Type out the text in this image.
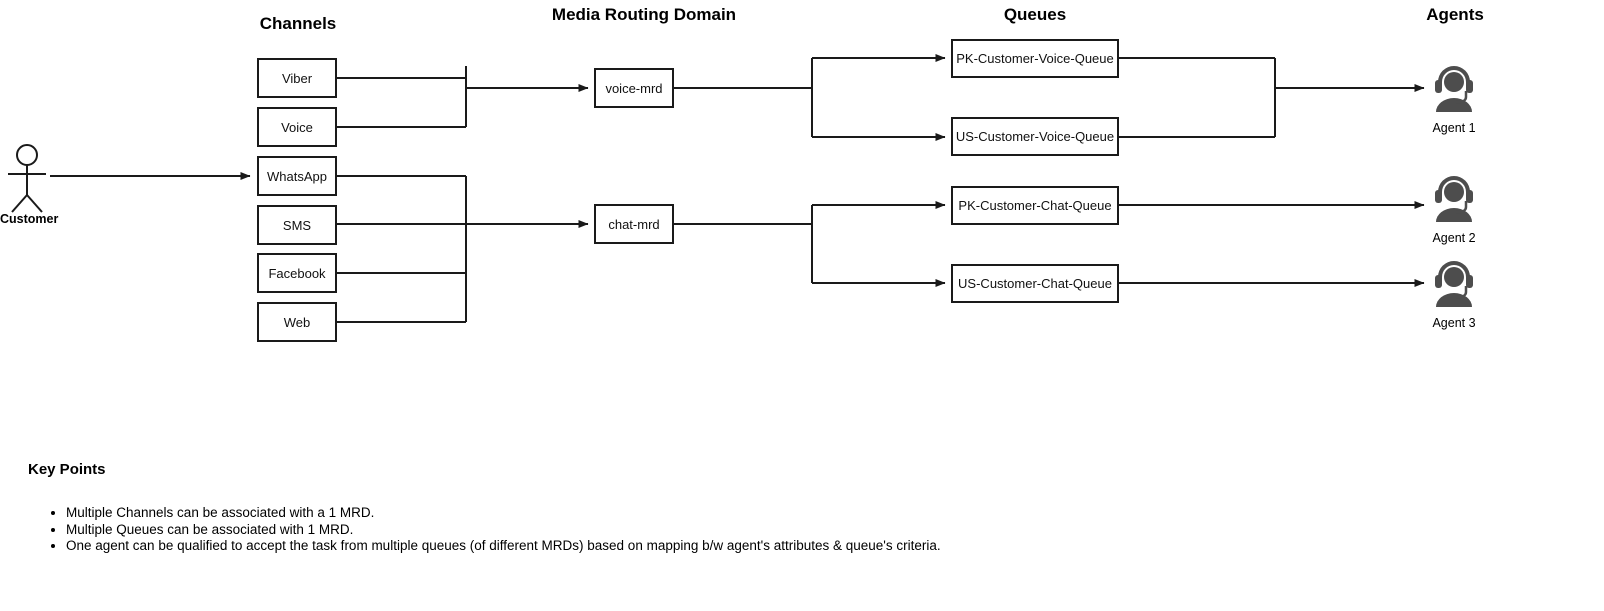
Channels	Media Routing Domain	Queues	Agents
Customer
Viber
Voice
WhatsApp
SMS
Facebook
Web
voice-mrd
chat-mrd
PK-Customer-Voice-Queue
US-Customer-Voice-Queue
PK-Customer-Chat-Queue
US-Customer-Chat-Queue
Agent 1
Agent 2
Agent 3
Key Points
• Multiple Channels can be associated with a 1 MRD.
• Multiple Queues can be associated with 1 MRD.
• One agent can be qualified to accept the task from multiple queues (of different MRDs) based on mapping b/w agent's attributes & queue's criteria.
